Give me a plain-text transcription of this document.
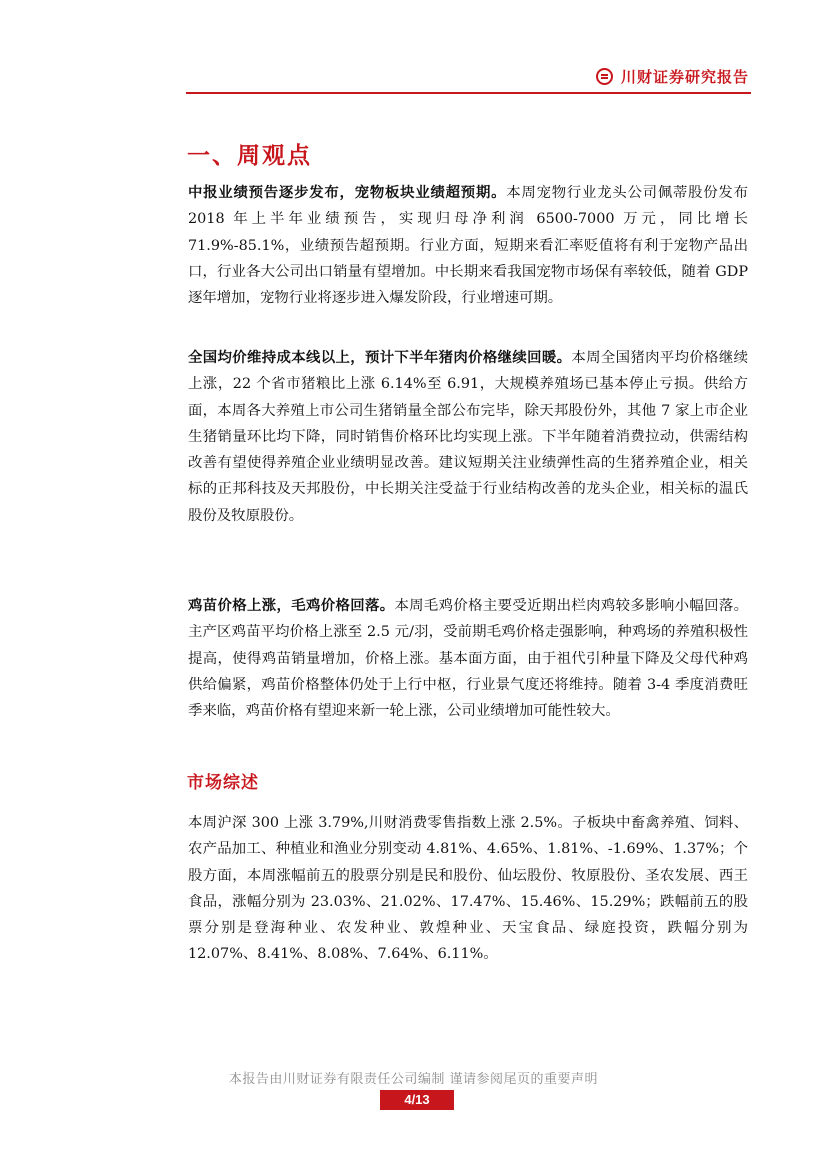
川财证券研究报告
一、周观点
中报业绩预告逐步发布，宠物板块业绩超预期。本周宠物行业龙头公司佩蒂股份发布 2018 年上半年业绩预告，实现归母净利润 6500-7000 万元，同比增长 71.9%-85.1%，业绩预告超预期。行业方面，短期来看汇率贬值将有利于宠物产品出口，行业各大公司出口销量有望增加。中长期来看我国宠物市场保有率较低，随着 GDP 逐年增加，宠物行业将逐步进入爆发阶段，行业增速可期。
全国均价维持成本线以上，预计下半年猪肉价格继续回暖。本周全国猪肉平均价格继续上涨，22 个省市猪粮比上涨 6.14%至 6.91，大规模养殖场已基本停止亏损。供给方面，本周各大养殖上市公司生猪销量全部公布完毕，除天邦股份外，其他 7 家上市企业生猪销量环比均下降，同时销售价格环比均实现上涨。下半年随着消费拉动，供需结构改善有望使得养殖企业业绩明显改善。建议短期关注业绩弹性高的生猪养殖企业，相关标的正邦科技及天邦股份，中长期关注受益于行业结构改善的龙头企业，相关标的温氏股份及牧原股份。
鸡苗价格上涨，毛鸡价格回落。本周毛鸡价格主要受近期出栏肉鸡较多影响小幅回落。主产区鸡苗平均价格上涨至 2.5 元/羽，受前期毛鸡价格走强影响，种鸡场的养殖积极性提高，使得鸡苗销量增加，价格上涨。基本面方面，由于祖代引种量下降及父母代种鸡供给偏紧，鸡苗价格整体仍处于上行中枢，行业景气度还将维持。随着 3-4 季度消费旺季来临，鸡苗价格有望迎来新一轮上涨，公司业绩增加可能性较大。
市场综述
本周沪深 300 上涨 3.79%,川财消费零售指数上涨 2.5%。子板块中畜禽养殖、饲料、农产品加工、种植业和渔业分别变动 4.81%、4.65%、1.81%、-1.69%、1.37%；个股方面，本周涨幅前五的股票分别是民和股份、仙坛股份、牧原股份、圣农发展、西王食品，涨幅分别为 23.03%、21.02%、17.47%、15.46%、15.29%；跌幅前五的股票分别是登海种业、农发种业、敦煌种业、天宝食品、绿庭投资，跌幅分别为 12.07%、8.41%、8.08%、7.64%、6.11%。
本报告由川财证券有限责任公司编制 谨请参阅尾页的重要声明
4/13
